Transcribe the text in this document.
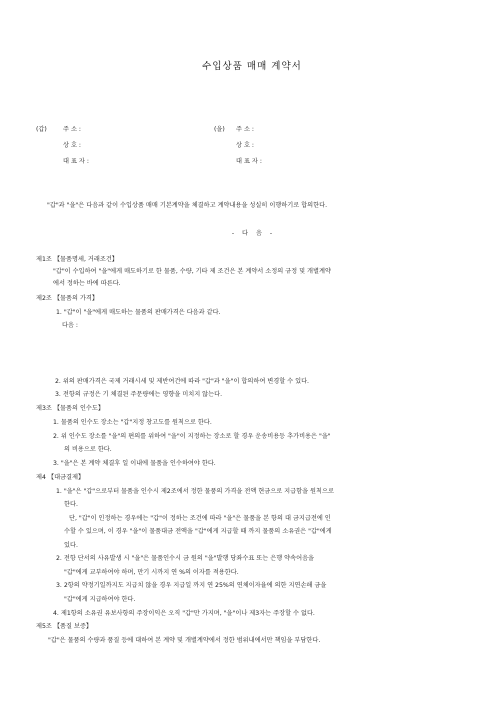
수입상품 매매 계약서
(갑)	주 소 :
상 호 :
대 표 자 :
(을) 주 소 :
상 호 :
대 표 자 :
"갑"과 "을"은 다음과 같이 수입상품 매매 기본계약을 체결하고 계약내용을 성실히 이행하기로 합의한다.
- 다 음 -
제1조 【물품명세, 거래조건】
"갑"이 수입하여 "을"에게 매도하기로 한 물품, 수량, 기타 제 조건은 본 계약서 소정의 규정 및 개별계약
에서 정하는 바에 따른다.
제2조 【물품의 가격】
1. "갑"이 "을"에게 매도하는 물품의 판매가격은 다음과 같다.
다음 :
2. 위의 판매가격은 국제 거래시세 및 제반여건에 따라 "갑"과 "을"이 합의하여 변경할 수 있다.
3. 전항의 규정은 기 체결된 주문량에는 영향을 미치지 않는다.
제3조 【물품의 인수도】
1. 물품의 인수도 장소는 "갑"지정 창고도를 원칙으로 한다.
2. 위 인수도 장소를 "을"의 편의를 위하여 "을"이 지정하는 장소로 할 경우 운송비용등 추가비용은 "을"
의 비용으로 한다.
3. "을"은 본 계약 체결후 일 이내에 물품을 인수하여야 한다.
제4 【대금결제】
1. "을"은 "갑"으로부터 물품을 인수시 제2조에서 정한 물품의 가격을 전액 현금으로 지급함을 원칙으로
한다.
단, "갑"이 인정하는 경우에는 "갑"이 정하는 조건에 따라 "을"은 물품을 본 항의 대 금지급전에 인
수할 수 있으며, 이 경우 "을"이 물품대금 전액을 "갑"에게 지급할 때 까지 물품의 소유권은 "갑"에게
있다.
2. 전항 단서의 사유발생 시 "을"은 물품인수시 금 원의 "을"발행 당좌수표 또는 은행 약속어음을
"갑"에게 교부하여야 하며, 만기 시까지 연 %의 이자를 적용한다.
3. 2항의 약정기일까지도 지급치 않을 경우 지급일 까지 연 25%의 연체이자율에 의한 지연손해 금을
"갑"에게 지급하여야 한다.
4. 제1항의 소유권 유보사항의 주장이익은 오직 "갑"만 가지며, "을"이나 제3자는 주장할 수 없다.
제5조 【품질 보증】
"갑"은 물품의 수량과 품질 등에 대하여 본 계약 및 개별계약에서 정한 범위내에서만 책임을 부담한다.
